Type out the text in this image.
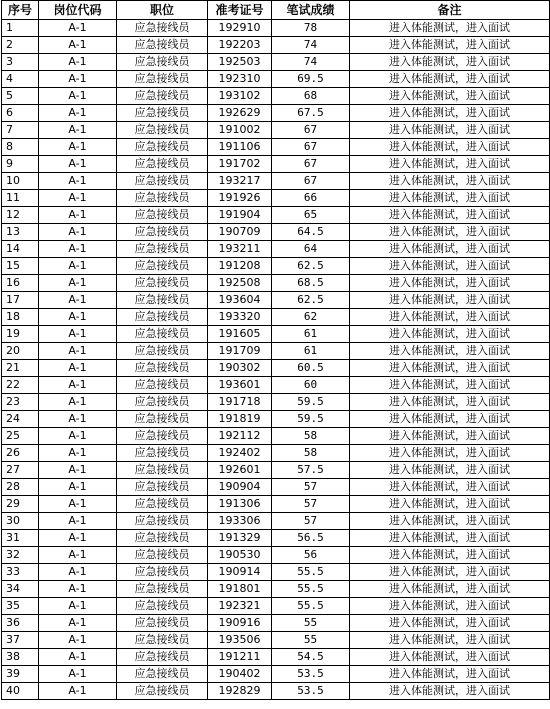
序号	岗位代码	职位	准考证号	笔试成绩	备注
1	A-1	应急接线员	192910	78	进入体能测试，进入面试
2	A-1	应急接线员	192203	74	进入体能测试，进入面试
3	A-1	应急接线员	192503	74	进入体能测试，进入面试
4	A-1	应急接线员	192310	69.5	进入体能测试，进入面试
5	A-1	应急接线员	193102	68	进入体能测试，进入面试
6	A-1	应急接线员	192629	67.5	进入体能测试，进入面试
7	A-1	应急接线员	191002	67	进入体能测试，进入面试
8	A-1	应急接线员	191106	67	进入体能测试，进入面试
9	A-1	应急接线员	191702	67	进入体能测试，进入面试
10	A-1	应急接线员	193217	67	进入体能测试，进入面试
11	A-1	应急接线员	191926	66	进入体能测试，进入面试
12	A-1	应急接线员	191904	65	进入体能测试，进入面试
13	A-1	应急接线员	190709	64.5	进入体能测试，进入面试
14	A-1	应急接线员	193211	64	进入体能测试，进入面试
15	A-1	应急接线员	191208	62.5	进入体能测试，进入面试
16	A-1	应急接线员	192508	68.5	进入体能测试，进入面试
17	A-1	应急接线员	193604	62.5	进入体能测试，进入面试
18	A-1	应急接线员	193320	62	进入体能测试，进入面试
19	A-1	应急接线员	191605	61	进入体能测试，进入面试
20	A-1	应急接线员	191709	61	进入体能测试，进入面试
21	A-1	应急接线员	190302	60.5	进入体能测试，进入面试
22	A-1	应急接线员	193601	60	进入体能测试，进入面试
23	A-1	应急接线员	191718	59.5	进入体能测试，进入面试
24	A-1	应急接线员	191819	59.5	进入体能测试，进入面试
25	A-1	应急接线员	192112	58	进入体能测试，进入面试
26	A-1	应急接线员	192402	58	进入体能测试，进入面试
27	A-1	应急接线员	192601	57.5	进入体能测试，进入面试
28	A-1	应急接线员	190904	57	进入体能测试，进入面试
29	A-1	应急接线员	191306	57	进入体能测试，进入面试
30	A-1	应急接线员	193306	57	进入体能测试，进入面试
31	A-1	应急接线员	191329	56.5	进入体能测试，进入面试
32	A-1	应急接线员	190530	56	进入体能测试，进入面试
33	A-1	应急接线员	190914	55.5	进入体能测试，进入面试
34	A-1	应急接线员	191801	55.5	进入体能测试，进入面试
35	A-1	应急接线员	192321	55.5	进入体能测试，进入面试
36	A-1	应急接线员	190916	55	进入体能测试，进入面试
37	A-1	应急接线员	193506	55	进入体能测试，进入面试
38	A-1	应急接线员	191211	54.5	进入体能测试，进入面试
39	A-1	应急接线员	190402	53.5	进入体能测试，进入面试
40	A-1	应急接线员	192829	53.5	进入体能测试，进入面试
